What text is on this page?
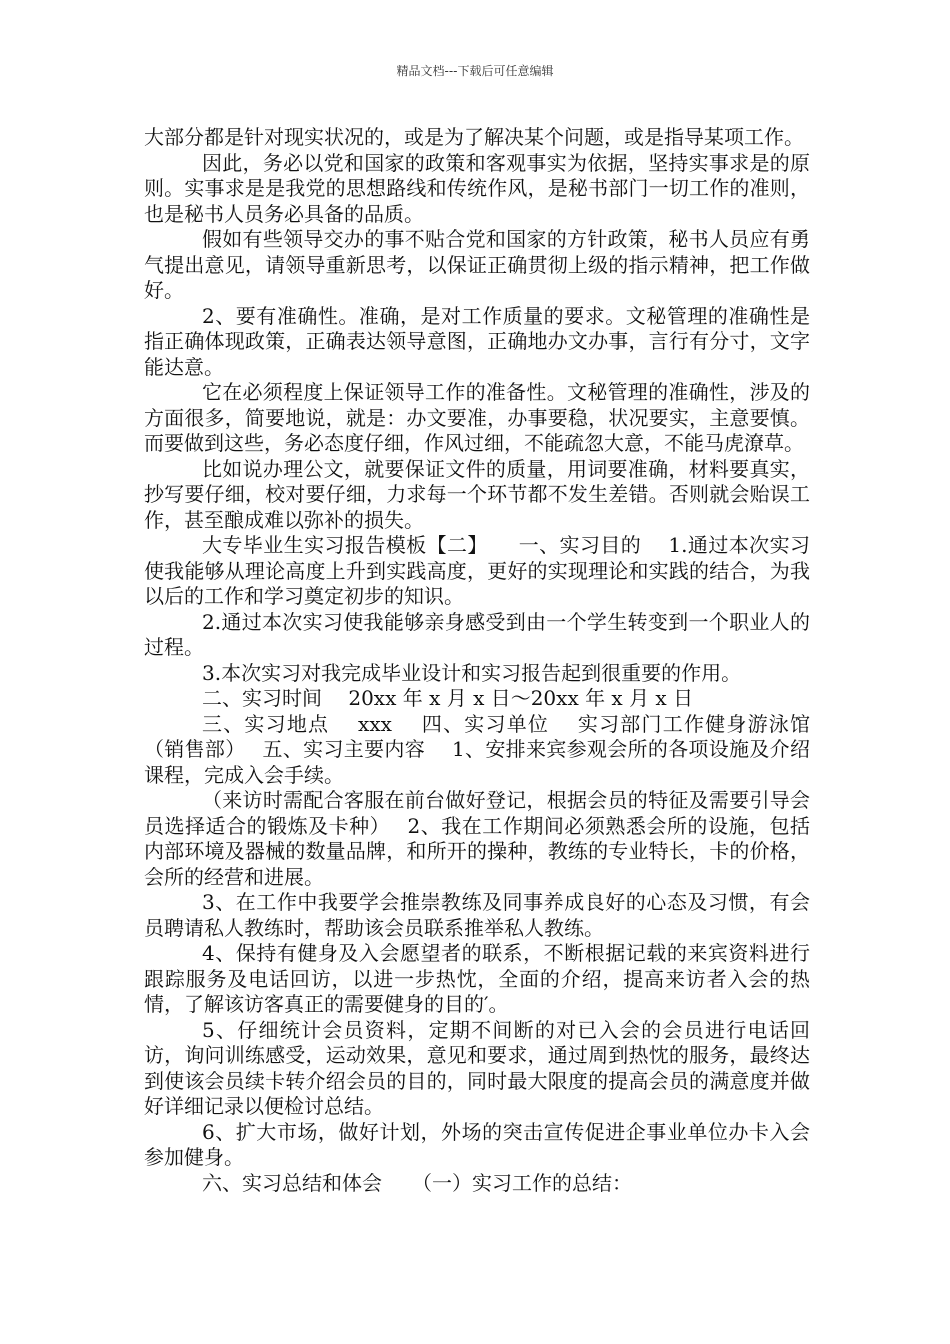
精品文档---下载后可任意编辑

大部分都是针对现实状况的，或是为了解决某个问题，或是指导某项工作。

因此，务必以党和国家的政策和客观事实为依据，坚持实事求是的原则。实事求是是我党的思想路线和传统作风，是秘书部门一切工作的准则，也是秘书人员务必具备的品质。

假如有些领导交办的事不贴合党和国家的方针政策，秘书人员应有勇气提出意见，请领导重新思考，以保证正确贯彻上级的指示精神，把工作做好。

2、要有准确性。准确，是对工作质量的要求。文秘管理的准确性是指正确体现政策，正确表达领导意图，正确地办文办事，言行有分寸，文字能达意。

它在必须程度上保证领导工作的准备性。文秘管理的准确性，涉及的方面很多，简要地说，就是：办文要准，办事要稳，状况要实，主意要慎。而要做到这些，务必态度仔细，作风过细，不能疏忽大意，不能马虎潦草。

比如说办理公文，就要保证文件的质量，用词要准确，材料要真实，抄写要仔细，校对要仔细，力求每一个环节都不发生差错。否则就会贻误工作，甚至酿成难以弥补的损失。

大专毕业生实习报告模板【二】　　一、实习目的　 1.通过本次实习使我能够从理论高度上升到实践高度，更好的实现理论和实践的结合，为我以后的工作和学习奠定初步的知识。

2.通过本次实习使我能够亲身感受到由一个学生转变到一个职业人的过程。

3.本次实习对我完成毕业设计和实习报告起到很重要的作用。

二、实习时间　 20xx 年 x 月 x 日～20xx 年 x 月 x 日

三、实习地点　 xxx　 四、实习单位　 实习部门工作健身游泳馆（销售部）　 五、实习主要内容　 1、安排来宾参观会所的各项设施及介绍课程，完成入会手续。

（来访时需配合客服在前台做好登记，根据会员的特征及需要引导会员选择适合的锻炼及卡种）　 2、我在工作期间必须熟悉会所的设施，包括内部环境及器械的数量品牌，和所开的操种，教练的专业特长，卡的价格，会所的经营和进展。

3、在工作中我要学会推崇教练及同事养成良好的心态及习惯，有会员聘请私人教练时，帮助该会员联系推举私人教练。

4、保持有健身及入会愿望者的联系，不断根据记载的来宾资料进行跟踪服务及电话回访，以进一步热忱，全面的介绍，提高来访者入会的热情，了解该访客真正的需要健身的目的′。

5、仔细统计会员资料，定期不间断的对已入会的会员进行电话回访，询问训练感受，运动效果，意见和要求，通过周到热忱的服务，最终达到使该会员续卡转介绍会员的目的，同时最大限度的提高会员的满意度并做好详细记录以便检讨总结。

6、扩大市场，做好计划，外场的突击宣传促进企事业单位办卡入会参加健身。

六、实习总结和体会　　（一）实习工作的总结：
